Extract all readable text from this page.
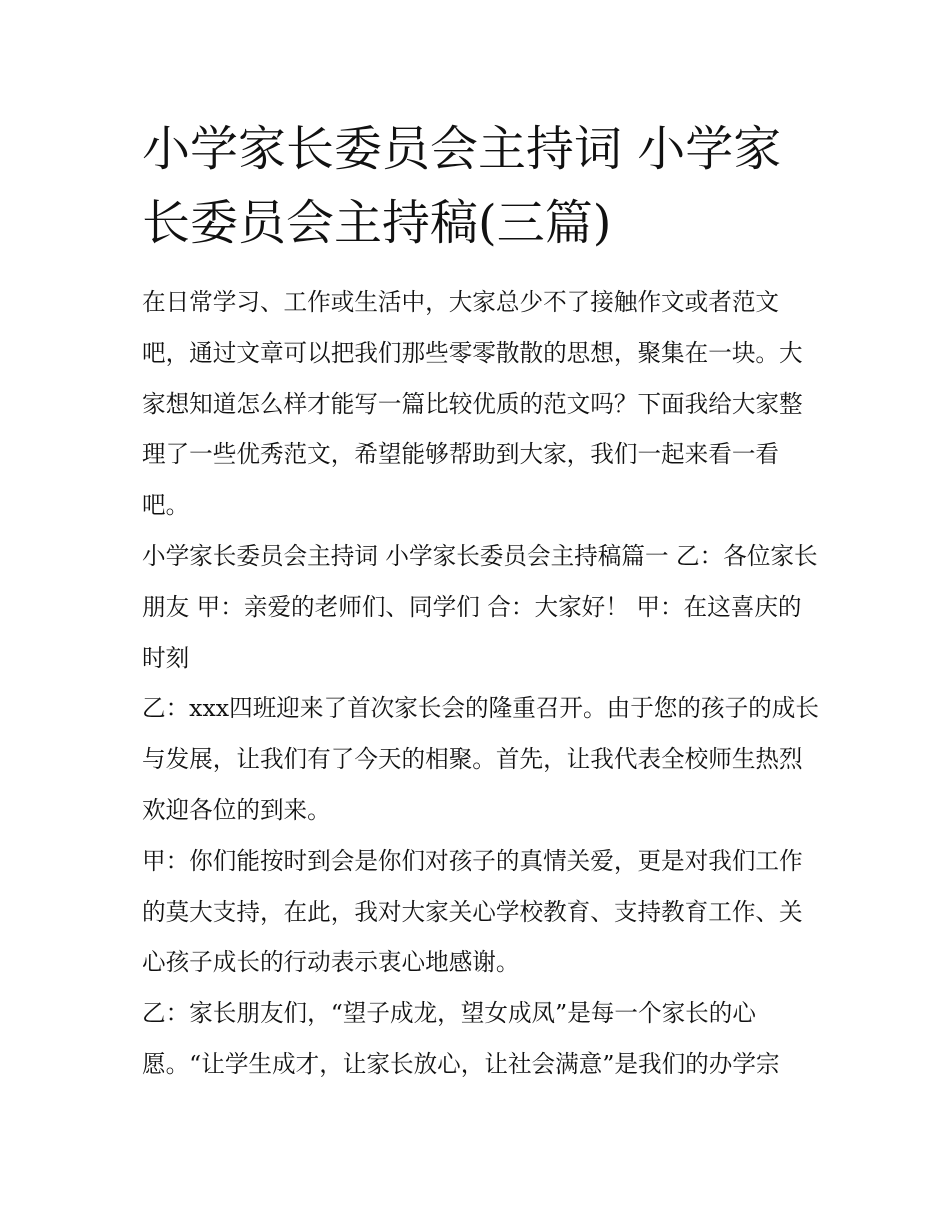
小学家长委员会主持词 小学家长委员会主持稿(三篇)

在日常学习、工作或生活中，大家总少不了接触作文或者范文吧，通过文章可以把我们那些零零散散的思想，聚集在一块。大家想知道怎么样才能写一篇比较优质的范文吗？下面我给大家整理了一些优秀范文，希望能够帮助到大家，我们一起来看一看吧。

小学家长委员会主持词 小学家长委员会主持稿篇一 乙：各位家长朋友 甲：亲爱的老师们、同学们 合：大家好！ 甲：在这喜庆的时刻

乙：xxx四班迎来了首次家长会的隆重召开。由于您的孩子的成长与发展，让我们有了今天的相聚。首先，让我代表全校师生热烈欢迎各位的到来。

甲：你们能按时到会是你们对孩子的真情关爱，更是对我们工作的莫大支持，在此，我对大家关心学校教育、支持教育工作、关心孩子成长的行动表示衷心地感谢。

乙：家长朋友们，“望子成龙，望女成凤”是每一个家长的心愿。“让学生成才，让家长放心，让社会满意”是我们的办学宗
